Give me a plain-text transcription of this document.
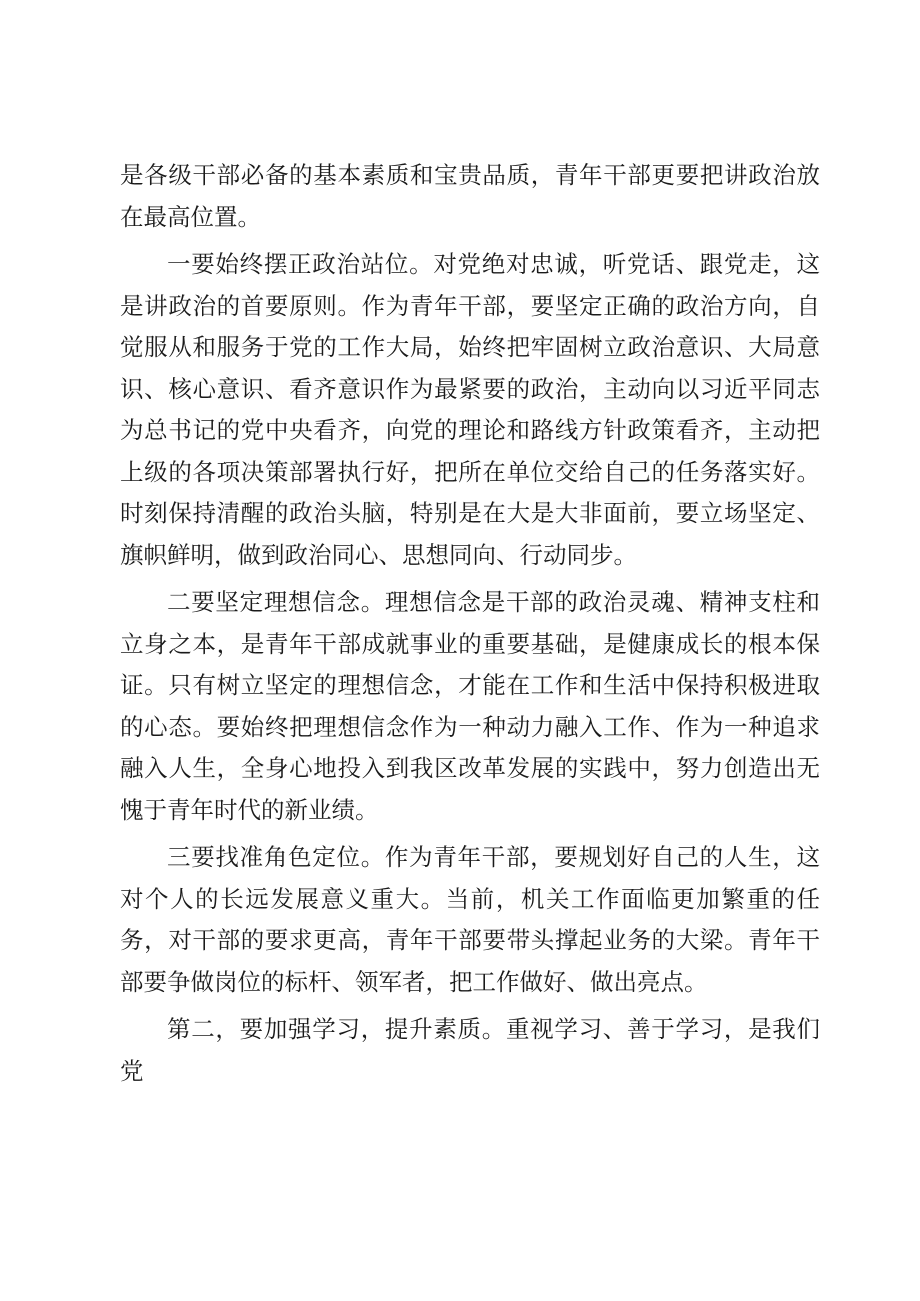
是各级干部必备的基本素质和宝贵品质，青年干部更要把讲政治放在最高位置。

一要始终摆正政治站位。对党绝对忠诚，听党话、跟党走，这是讲政治的首要原则。作为青年干部，要坚定正确的政治方向，自觉服从和服务于党的工作大局，始终把牢固树立政治意识、大局意识、核心意识、看齐意识作为最紧要的政治，主动向以习近平同志为总书记的党中央看齐，向党的理论和路线方针政策看齐，主动把上级的各项决策部署执行好，把所在单位交给自己的任务落实好。时刻保持清醒的政治头脑，特别是在大是大非面前，要立场坚定、旗帜鲜明，做到政治同心、思想同向、行动同步。

二要坚定理想信念。理想信念是干部的政治灵魂、精神支柱和立身之本，是青年干部成就事业的重要基础，是健康成长的根本保证。只有树立坚定的理想信念，才能在工作和生活中保持积极进取的心态。要始终把理想信念作为一种动力融入工作、作为一种追求融入人生，全身心地投入到我区改革发展的实践中，努力创造出无愧于青年时代的新业绩。

三要找准角色定位。作为青年干部，要规划好自己的人生，这对个人的长远发展意义重大。当前，机关工作面临更加繁重的任务，对干部的要求更高，青年干部要带头撑起业务的大梁。青年干部要争做岗位的标杆、领军者，把工作做好、做出亮点。

第二，要加强学习，提升素质。重视学习、善于学习，是我们党
